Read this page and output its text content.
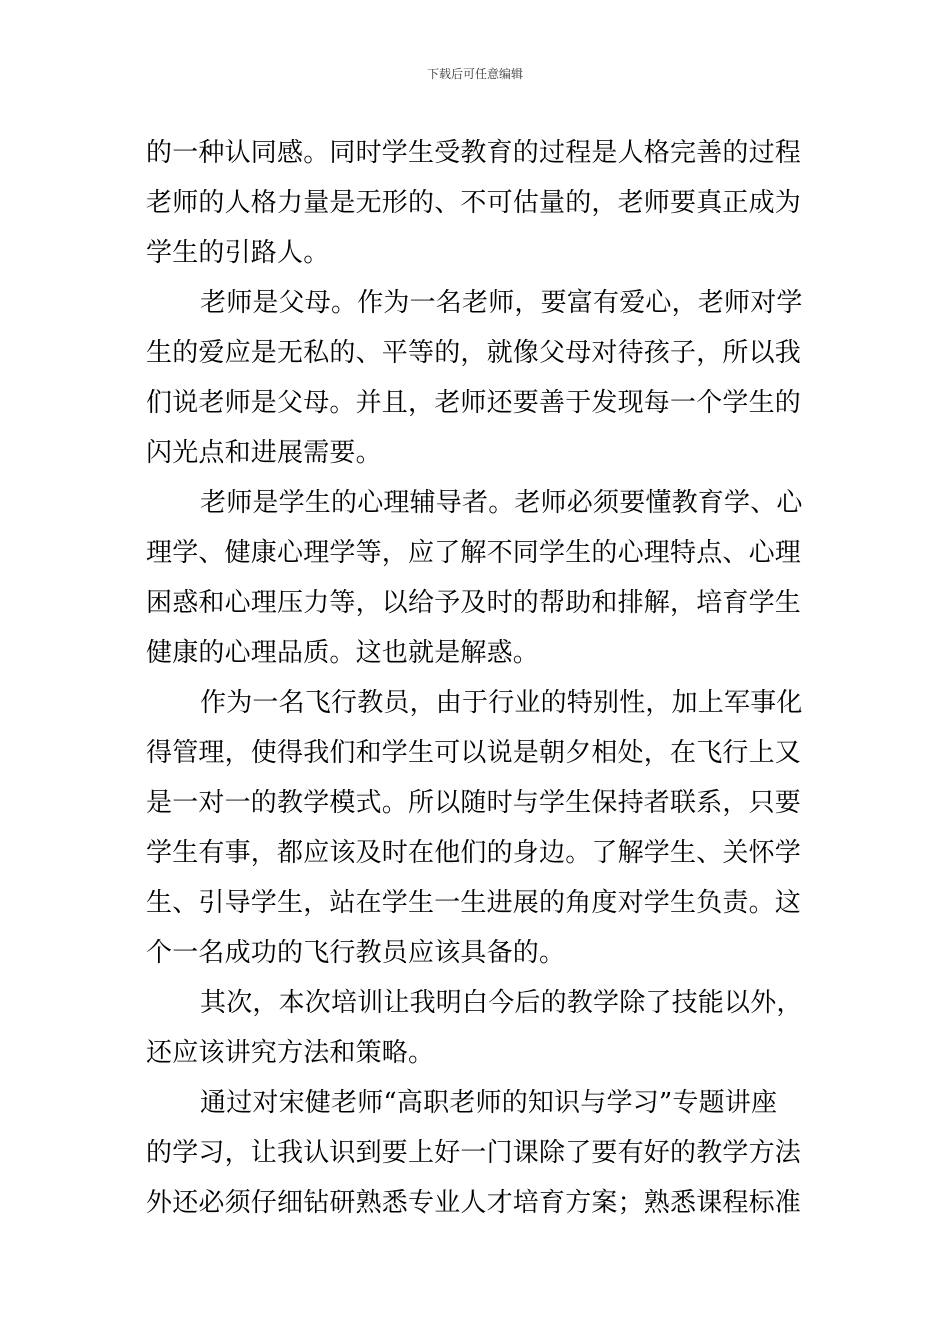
下载后可任意编辑
的一种认同感。同时学生受教育的过程是人格完善的过程
老师的人格力量是无形的、不可估量的，老师要真正成为
学生的引路人。
老师是父母。作为一名老师，要富有爱心，老师对学
生的爱应是无私的、平等的，就像父母对待孩子，所以我
们说老师是父母。并且，老师还要善于发现每一个学生的
闪光点和进展需要。
老师是学生的心理辅导者。老师必须要懂教育学、心
理学、健康心理学等，应了解不同学生的心理特点、心理
困惑和心理压力等，以给予及时的帮助和排解，培育学生
健康的心理品质。这也就是解惑。
作为一名飞行教员，由于行业的特别性，加上军事化
得管理，使得我们和学生可以说是朝夕相处，在飞行上又
是一对一的教学模式。所以随时与学生保持者联系，只要
学生有事，都应该及时在他们的身边。了解学生、关怀学
生、引导学生，站在学生一生进展的角度对学生负责。这
个一名成功的飞行教员应该具备的。
其次，本次培训让我明白今后的教学除了技能以外，
还应该讲究方法和策略。
通过对宋健老师“高职老师的知识与学习”专题讲座
的学习，让我认识到要上好一门课除了要有好的教学方法
外还必须仔细钻研熟悉专业人才培育方案；熟悉课程标准
